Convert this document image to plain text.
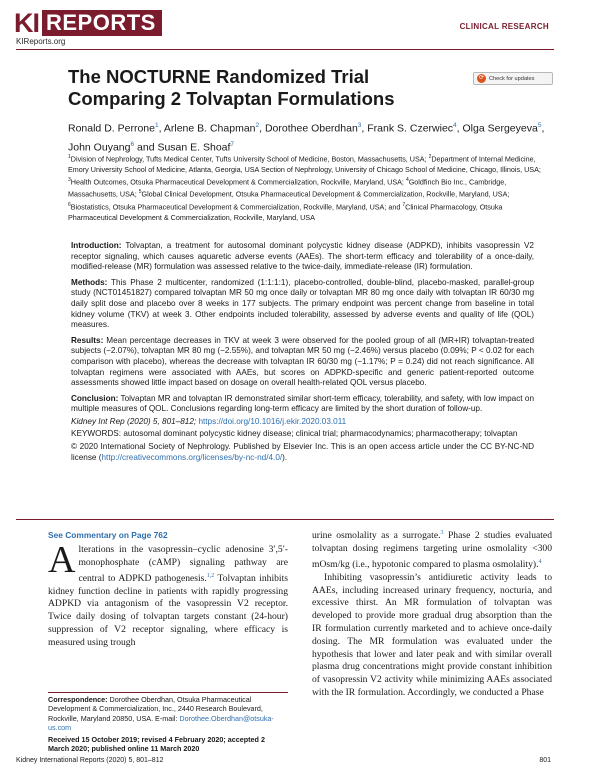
KI REPORTS
KIReports.org
CLINICAL RESEARCH
The NOCTURNE Randomized Trial Comparing 2 Tolvaptan Formulations
⟳ Check for updates
Ronald D. Perrone$^1$, Arlene B. Chapman$^2$, Dorothee Oberdhan$^3$, Frank S. Czerwiec$^4$, Olga Sergeyeva$^5$, John Ouyang$^6$ and Susan E. Shoaf$^7$
$^1$Division of Nephrology, Tufts Medical Center, Tufts University School of Medicine, Boston, Massachusetts, USA; $^2$Department of Internal Medicine, Emory University School of Medicine, Atlanta, Georgia, USA Section of Nephrology, University of Chicago School of Medicine, Chicago, Illinois, USA; $^3$Health Outcomes, Otsuka Pharmaceutical Development & Commercialization, Rockville, Maryland, USA; $^4$Goldfinch Bio Inc., Cambridge, Massachusetts, USA; $^5$Global Clinical Development, Otsuka Pharmaceutical Development & Commercialization, Rockville, Maryland, USA; $^6$Biostatistics, Otsuka Pharmaceutical Development & Commercialization, Rockville, Maryland, USA; and $^7$Clinical Pharmacology, Otsuka Pharmaceutical Development & Commercialization, Rockville, Maryland, USA

Introduction: Tolvaptan, a treatment for autosomal dominant polycystic kidney disease (ADPKD), inhibits vasopressin V2 receptor signaling, which causes aquaretic adverse events (AAEs). The short-term efficacy and tolerability of a once-daily, modified-release (MR) formulation was assessed relative to the twice-daily, immediate-release (IR) formulation.

Methods: This Phase 2 multicenter, randomized (1:1:1:1), placebo-controlled, double-blind, placebo-masked, parallel-group study (NCT01451827) compared tolvaptan MR 50 mg once daily or tolvaptan MR 80 mg once daily with tolvaptan IR 60/30 mg daily split dose and placebo over 8 weeks in 177 subjects. The primary endpoint was percent change from baseline in total kidney volume (TKV) at week 3. Other endpoints included tolerability, assessed by adverse events and quality of life (QOL) measures.

Results: Mean percentage decreases in TKV at week 3 were observed for the pooled group of all (MR+IR) tolvaptan-treated subjects (−2.07%), tolvaptan MR 80 mg (−2.55%), and tolvaptan MR 50 mg (−2.46%) versus placebo (0.09%; P < 0.02 for each comparison with placebo), whereas the decrease with tolvaptan IR 60/30 mg (−1.17%; P = 0.24) did not reach significance. All tolvaptan regimens were associated with AAEs, but scores on ADPKD-specific and generic patient-reported outcome assessments showed little impact based on dosage on overall health-related QOL versus placebo.

Conclusion: Tolvaptan MR and tolvaptan IR demonstrated similar short-term efficacy, tolerability, and safety, with low impact on multiple measures of QOL. Conclusions regarding long-term efficacy are limited by the short duration of follow-up.

Kidney Int Rep (2020) 5, 801–812; https://doi.org/10.1016/j.ekir.2020.03.011

KEYWORDS: autosomal dominant polycystic kidney disease; clinical trial; pharmacodynamics; pharmacotherapy; tolvaptan

© 2020 International Society of Nephrology. Published by Elsevier Inc. This is an open access article under the CC BY-NC-ND license (http://creativecommons.org/licenses/by-nc-nd/4.0/).

See Commentary on Page 762

Alterations in the vasopressin–cyclic adenosine 3′,5′-monophosphate (cAMP) signaling pathway are central to ADPKD pathogenesis.$^{1,2}$ Tolvaptan inhibits kidney function decline in patients with rapidly progressing ADPKD via antagonism of the vasopressin V2 receptor. Twice daily dosing of tolvaptan targets constant (24-hour) suppression of V2 receptor signaling, where efficacy is measured using trough

urine osmolality as a surrogate.$^3$ Phase 2 studies evaluated tolvaptan dosing regimens targeting urine osmolality <300 mOsm/kg (i.e., hypotonic compared to plasma osmolality).$^4$

Inhibiting vasopressin’s antidiuretic activity leads to AAEs, including increased urinary frequency, nocturia, and excessive thirst. An MR formulation of tolvaptan was developed to provide more gradual drug absorption than the IR formulation currently marketed and to achieve once-daily dosing. The MR formulation was evaluated under the hypothesis that lower and later peak and with similar overall plasma drug concentrations might provide constant inhibition of vasopressin V2 activity while minimizing AAEs associated with the IR formulation. Accordingly, we conducted a Phase

Correspondence: Dorothee Oberdhan, Otsuka Pharmaceutical Development & Commercialization, Inc., 2440 Research Boulevard, Rockville, Maryland 20850, USA. E-mail: Dorothee.Oberdhan@otsuka-us.com
Received 15 October 2019; revised 4 February 2020; accepted 2 March 2020; published online 11 March 2020
Kidney International Reports (2020) 5, 801–812	801
